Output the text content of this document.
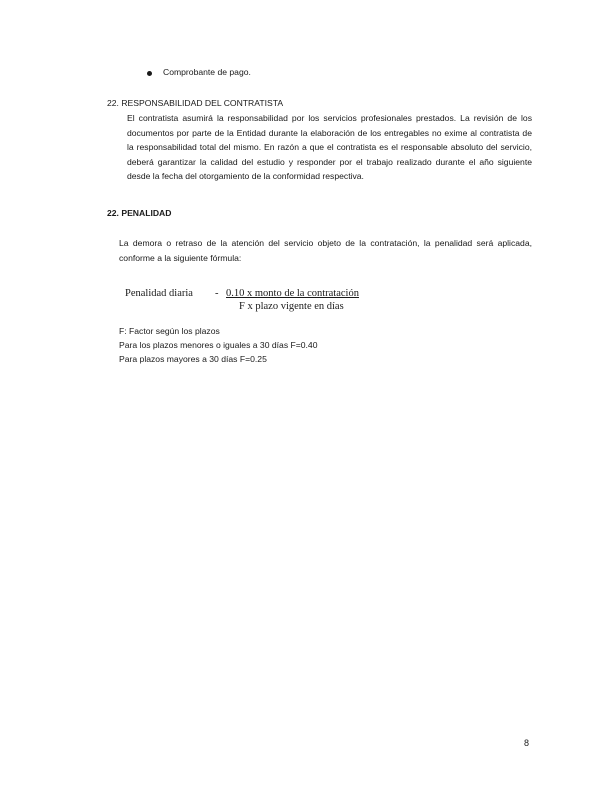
Comprobante de pago.
22. RESPONSABILIDAD DEL CONTRATISTA
El contratista asumirá la responsabilidad por los servicios profesionales prestados. La revisión de los documentos por parte de la Entidad durante la elaboración de los entregables no exime al contratista de la responsabilidad total del mismo. En razón a que el contratista es el responsable absoluto del servicio, deberá garantizar la calidad del estudio y responder por el trabajo realizado durante el año siguiente desde la fecha del otorgamiento de la conformidad respectiva.
22. PENALIDAD
La demora o retraso de la atención del servicio objeto de la contratación, la penalidad será aplicada, conforme a la siguiente fórmula:
Penalidad diaria - 0.10 x monto de la contratación
F x plazo vigente en días
F: Factor según los plazos
Para los plazos menores o iguales a 30 días F=0.40
Para plazos mayores a 30 días F=0.25
8
